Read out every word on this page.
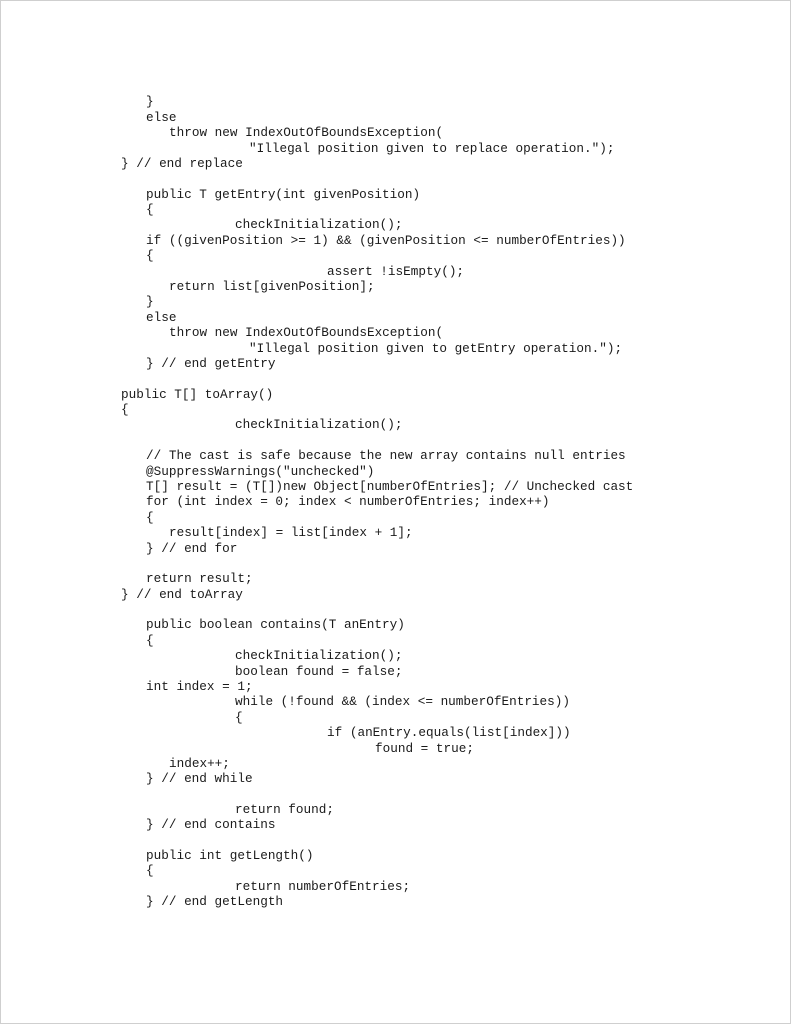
}
else
throw new IndexOutOfBoundsException(
"Illegal position given to replace operation.");
} // end replace
public T getEntry(int givenPosition)
{
checkInitialization();
if ((givenPosition >= 1) && (givenPosition <= numberOfEntries))
{
assert !isEmpty();
return list[givenPosition];
}
else
throw new IndexOutOfBoundsException(
"Illegal position given to getEntry operation.");
} // end getEntry
public T[] toArray()
{
checkInitialization();
// The cast is safe because the new array contains null entries
@SuppressWarnings("unchecked")
T[] result = (T[])new Object[numberOfEntries]; // Unchecked cast
for (int index = 0; index < numberOfEntries; index++)
{
result[index] = list[index + 1];
} // end for
return result;
} // end toArray
public boolean contains(T anEntry)
{
checkInitialization();
boolean found = false;
int index = 1;
while (!found && (index <= numberOfEntries))
{
if (anEntry.equals(list[index]))
found = true;
index++;
} // end while
return found;
} // end contains
public int getLength()
{
return numberOfEntries;
} // end getLength
